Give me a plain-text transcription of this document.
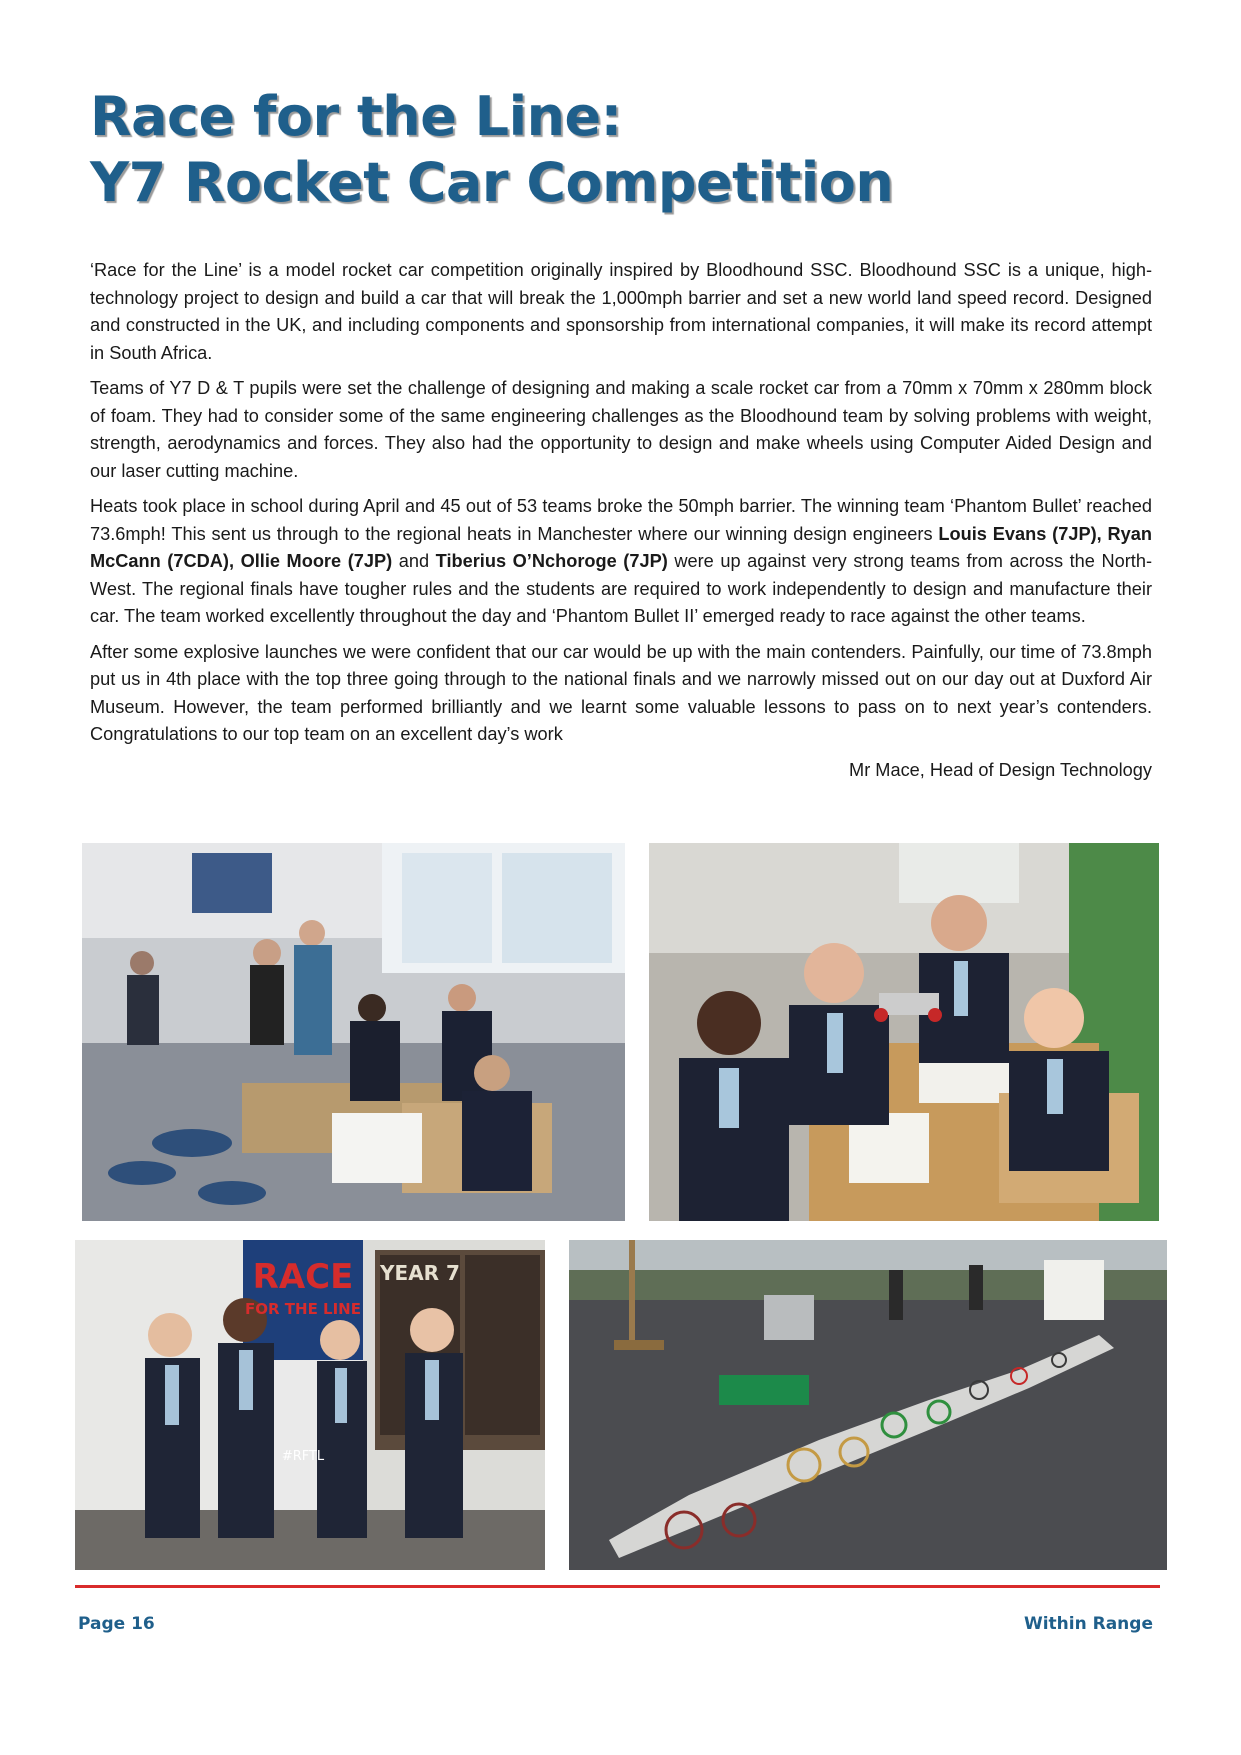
Race for the Line:
Y7 Rocket Car Competition

‘Race for the Line’ is a model rocket car competition originally inspired by Bloodhound SSC. Bloodhound SSC is a unique, high-technology project to design and build a car that will break the 1,000mph barrier and set a new world land speed record. Designed and constructed in the UK, and including components and sponsorship from international companies, it will make its record attempt in South Africa.

Teams of Y7 D & T pupils were set the challenge of designing and making a scale rocket car from a 70mm x 70mm x 280mm block of foam. They had to consider some of the same engineering challenges as the Bloodhound team by solving problems with weight, strength, aerodynamics and forces. They also had the opportunity to design and make wheels using Computer Aided Design and our laser cutting machine.

Heats took place in school during April and 45 out of 53 teams broke the 50mph barrier. The winning team ‘Phantom Bullet’ reached 73.6mph! This sent us through to the regional heats in Manchester where our winning design engineers Louis Evans (7JP), Ryan McCann (7CDA), Ollie Moore (7JP) and Tiberius O’Nchoroge (7JP) were up against very strong teams from across the North-West. The regional finals have tougher rules and the students are required to work independently to design and manufacture their car. The team worked excellently throughout the day and ‘Phantom Bullet II’ emerged ready to race against the other teams.

After some explosive launches we were confident that our car would be up with the main contenders. Painfully, our time of 73.8mph put us in 4th place with the top three going through to the national finals and we narrowly missed out on our day out at Duxford Air Museum. However, the team performed brilliantly and we learnt some valuable lessons to pass on to next year’s contenders. Congratulations to our top team on an excellent day’s work

Mr Mace, Head of Design Technology

RACE
FOR THE LINE
#RFTL
YEAR 7
Page 16	Within Range
